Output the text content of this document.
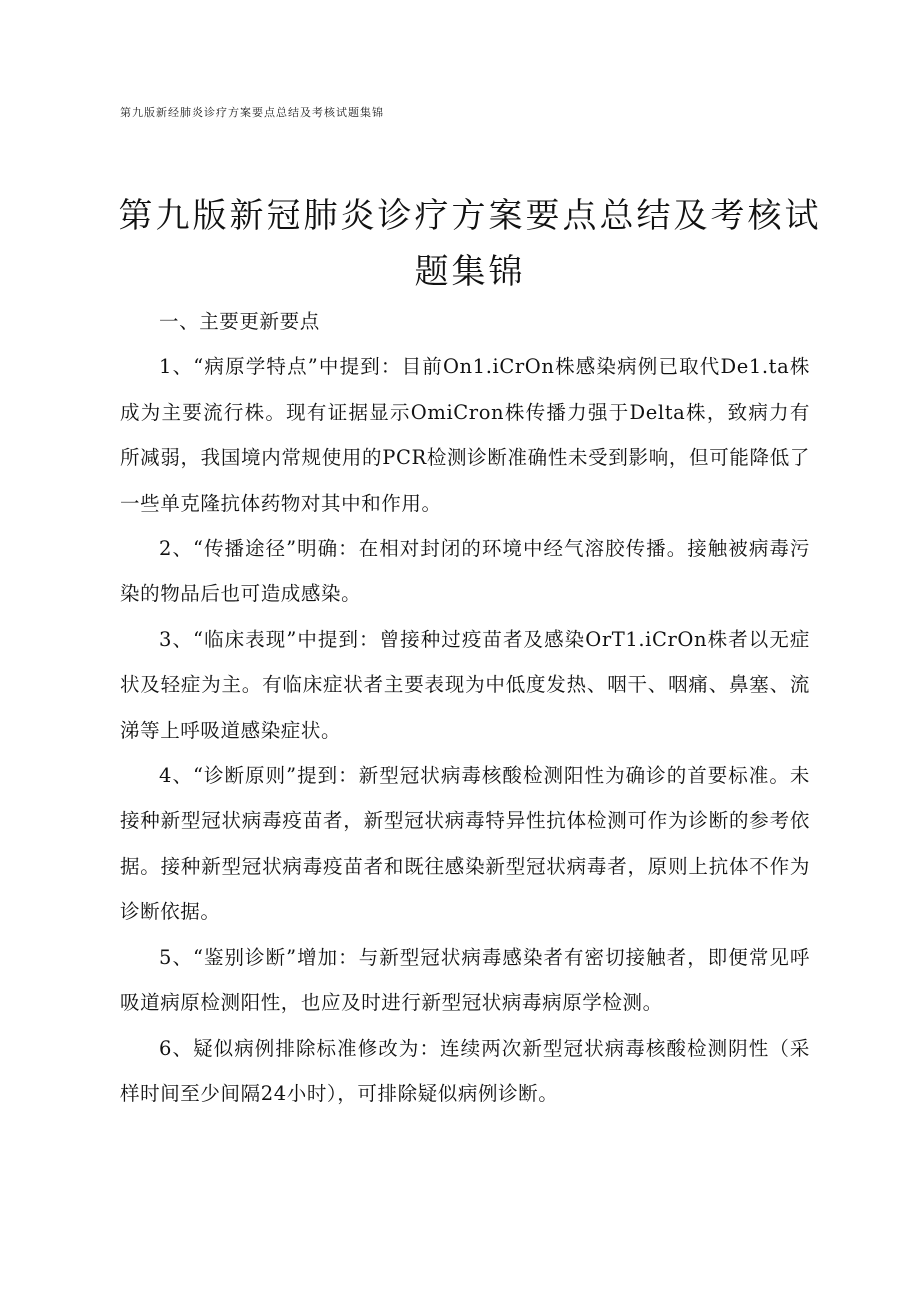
第九版新经肺炎诊疗方案要点总结及考核试题集锦
第九版新冠肺炎诊疗方案要点总结及考核试题集锦

一、主要更新要点

1、“病原学特点”中提到：目前On1.iCrOn株感染病例已取代De1.ta株成为主要流行株。现有证据显示OmiCron株传播力强于Delta株，致病力有所减弱，我国境内常规使用的PCR检测诊断准确性未受到影响，但可能降低了一些单克隆抗体药物对其中和作用。

2、“传播途径”明确：在相对封闭的环境中经气溶胶传播。接触被病毒污染的物品后也可造成感染。

3、“临床表现”中提到：曾接种过疫苗者及感染OrT1.iCrOn株者以无症状及轻症为主。有临床症状者主要表现为中低度发热、咽干、咽痛、鼻塞、流涕等上呼吸道感染症状。

4、“诊断原则”提到：新型冠状病毒核酸检测阳性为确诊的首要标准。未接种新型冠状病毒疫苗者，新型冠状病毒特异性抗体检测可作为诊断的参考依据。接种新型冠状病毒疫苗者和既往感染新型冠状病毒者，原则上抗体不作为诊断依据。

5、“鉴别诊断”增加：与新型冠状病毒感染者有密切接触者，即便常见呼吸道病原检测阳性，也应及时进行新型冠状病毒病原学检测。

6、疑似病例排除标准修改为：连续两次新型冠状病毒核酸检测阴性（采样时间至少间隔24小时），可排除疑似病例诊断。
